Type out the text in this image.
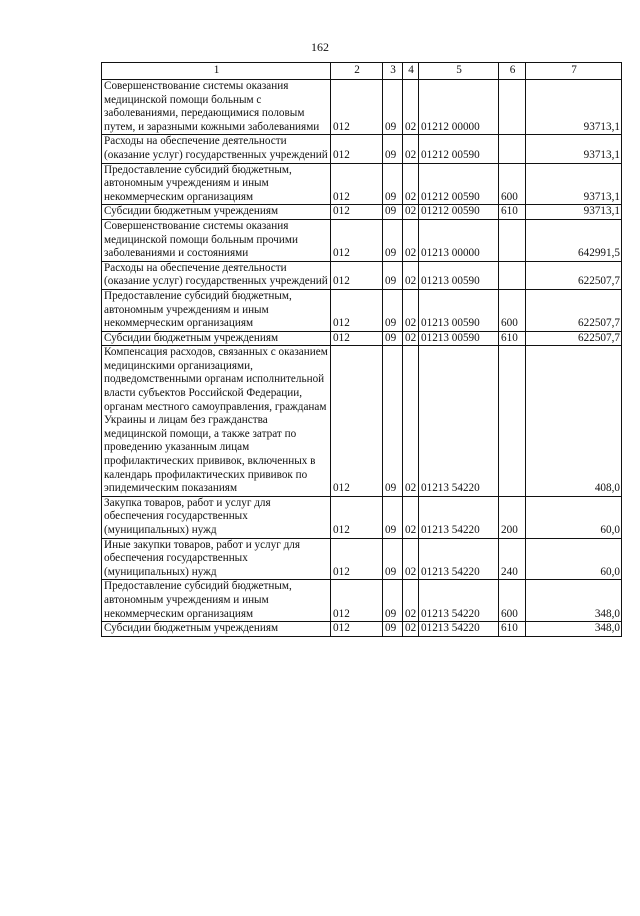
162
1	2	3	4	5	6	7
Совершенствование системы оказания медицинской помощи больным с заболеваниями, передающимися половым путем, и заразными кожными заболеваниями	012	09	02	01212 00000		93713,1
Расходы на обеспечение деятельности (оказание услуг) государственных учреждений	012	09	02	01212 00590		93713,1
Предоставление субсидий бюджетным, автономным учреждениям и иным некоммерческим организациям	012	09	02	01212 00590	600	93713,1
Субсидии бюджетным учреждениям	012	09	02	01212 00590	610	93713,1
Совершенствование системы оказания медицинской помощи больным прочими заболеваниями и состояниями	012	09	02	01213 00000		642991,5
Расходы на обеспечение деятельности (оказание услуг) государственных учреждений	012	09	02	01213 00590		622507,7
Предоставление субсидий бюджетным, автономным учреждениям и иным некоммерческим организациям	012	09	02	01213 00590	600	622507,7
Субсидии бюджетным учреждениям	012	09	02	01213 00590	610	622507,7
Компенсация расходов, связанных с оказанием медицинскими организациями, подведомственными органам исполнительной власти субъектов Российской Федерации, органам местного самоуправления, гражданам Украины и лицам без гражданства медицинской помощи, а также затрат по проведению указанным лицам профилактических прививок, включенных в календарь профилактических прививок по эпидемическим показаниям	012	09	02	01213 54220		408,0
Закупка товаров, работ и услуг для обеспечения государственных (муниципальных) нужд	012	09	02	01213 54220	200	60,0
Иные закупки товаров, работ и услуг для обеспечения государственных (муниципальных) нужд	012	09	02	01213 54220	240	60,0
Предоставление субсидий бюджетным, автономным учреждениям и иным некоммерческим организациям	012	09	02	01213 54220	600	348,0
Субсидии бюджетным учреждениям	012	09	02	01213 54220	610	348,0
